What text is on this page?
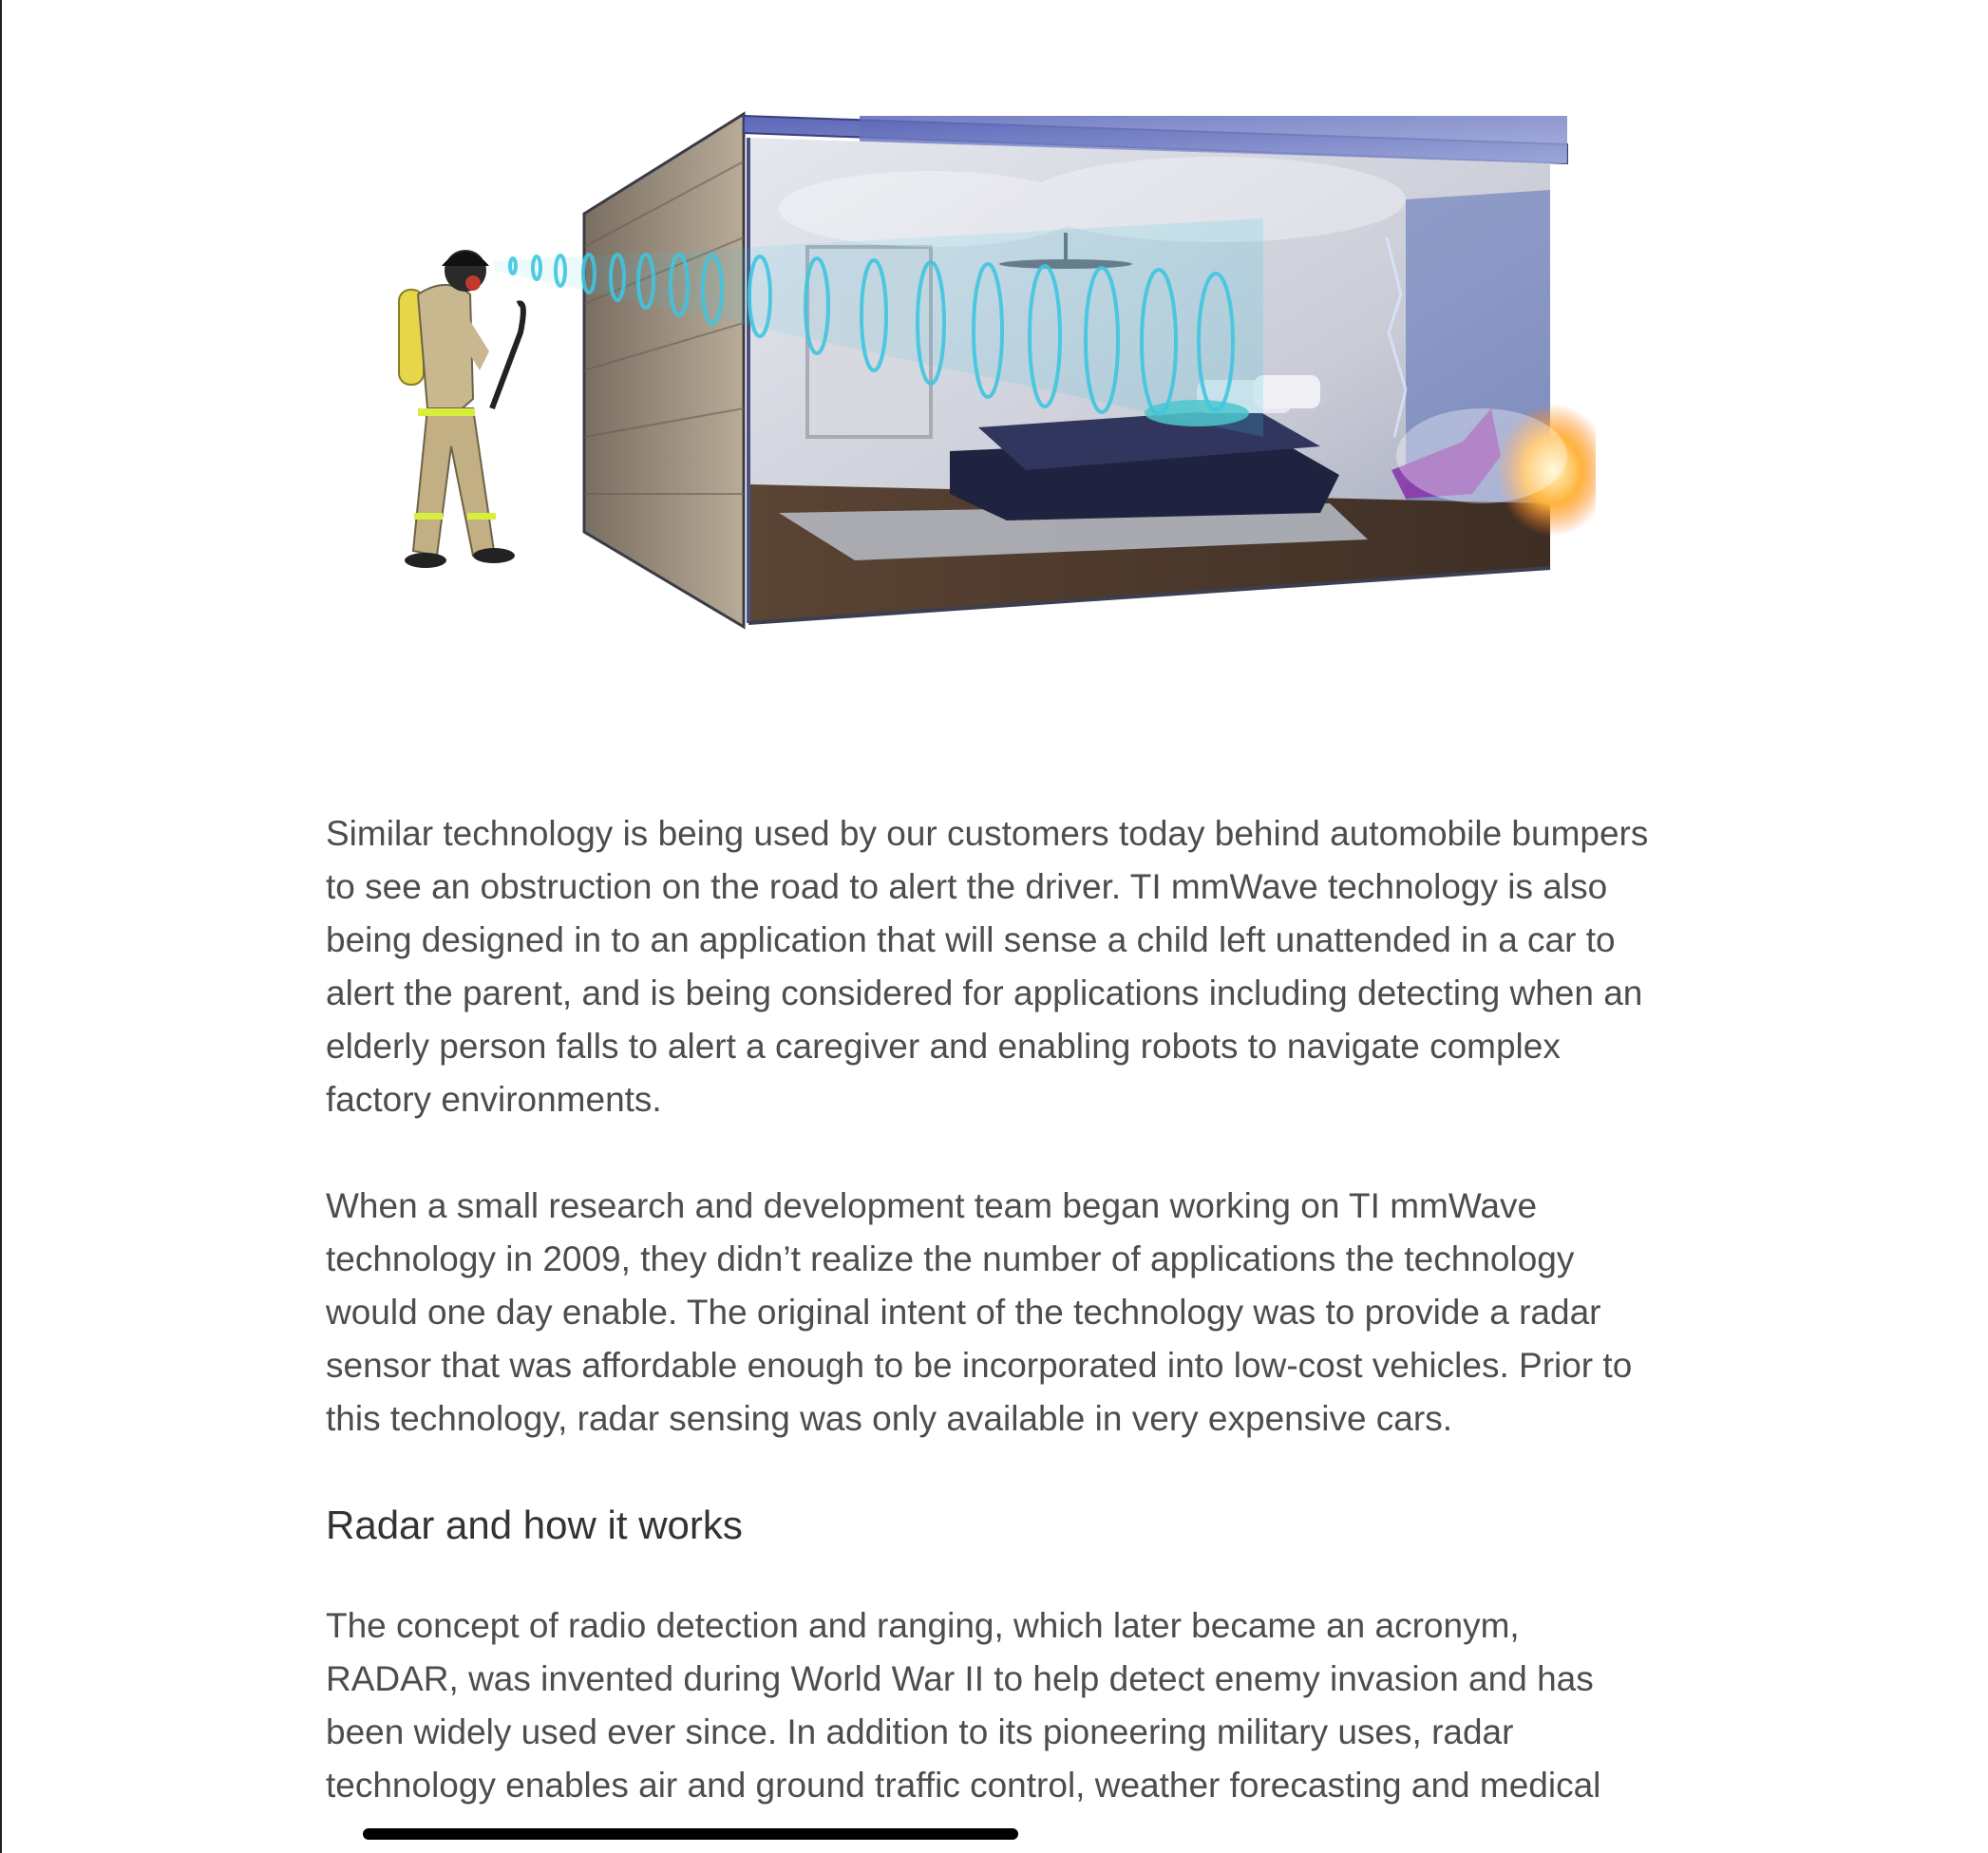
Similar technology is being used by our customers today behind automobile bumpers to see an obstruction on the road to alert the driver. TI mmWave technology is also being designed in to an application that will sense a child left unattended in a car to alert the parent, and is being considered for applications including detecting when an elderly person falls to alert a caregiver and enabling robots to navigate complex factory environments.

When a small research and development team began working on TI mmWave technology in 2009, they didn’t realize the number of applications the technology would one day enable. The original intent of the technology was to provide a radar sensor that was affordable enough to be incorporated into low-cost vehicles. Prior to this technology, radar sensing was only available in very expensive cars.

Radar and how it works

The concept of radio detection and ranging, which later became an acronym, RADAR, was invented during World War II to help detect enemy invasion and has been widely used ever since. In addition to its pioneering military uses, radar technology enables air and ground traffic control, weather forecasting and medical
